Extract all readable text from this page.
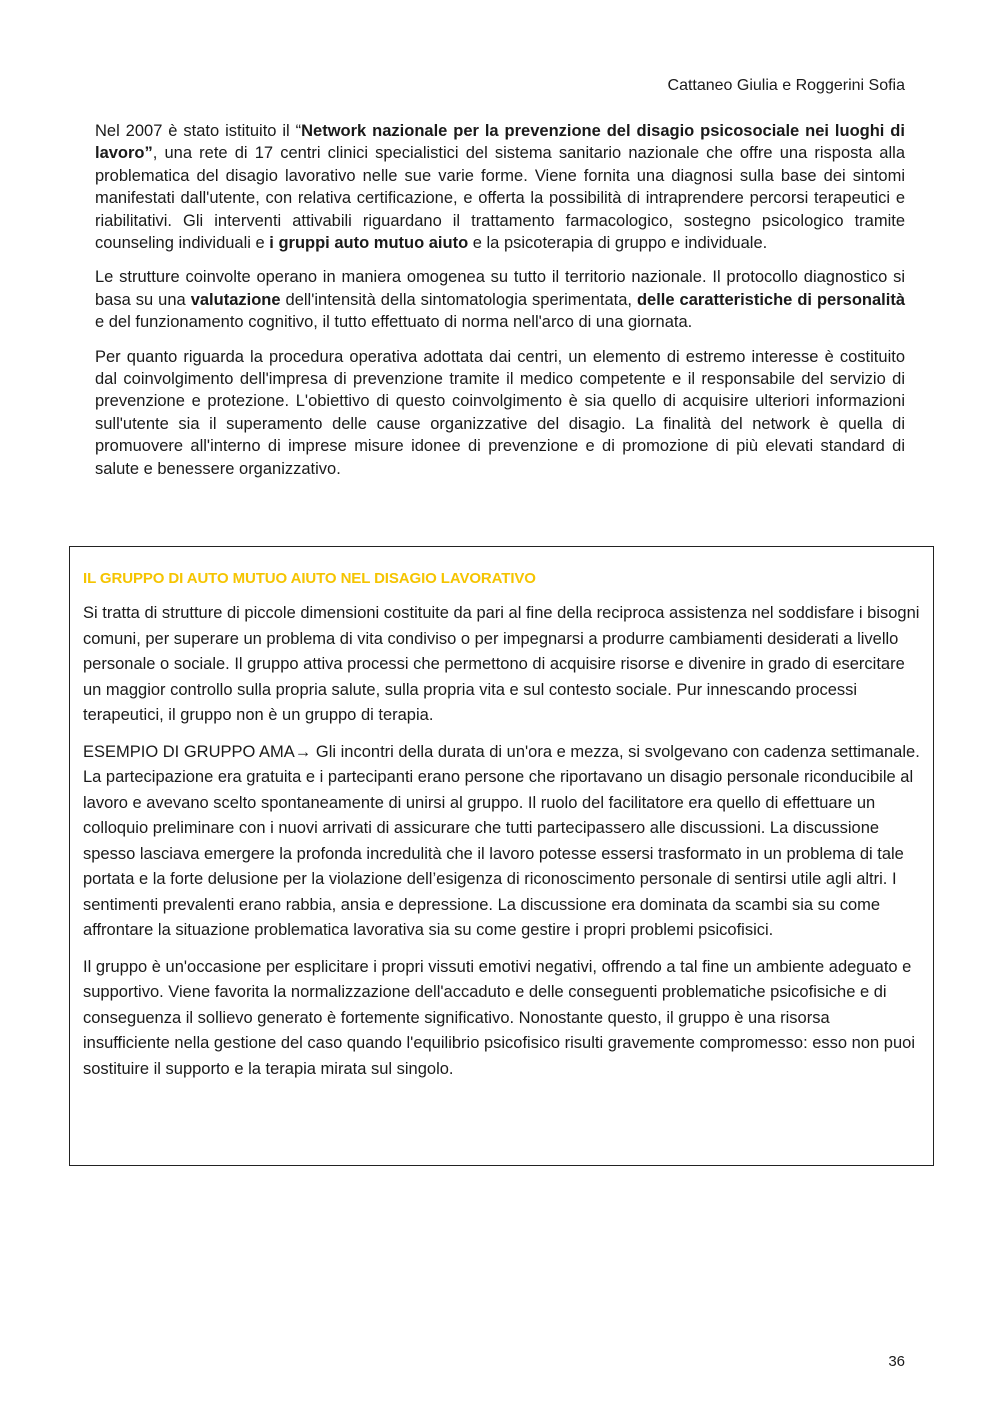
Cattaneo Giulia e Roggerini Sofia

Nel 2007 è stato istituito il “Network nazionale per la prevenzione del disagio psicosociale nei luoghi di lavoro”, una rete di 17 centri clinici specialistici del sistema sanitario nazionale che offre una risposta alla problematica del disagio lavorativo nelle sue varie forme. Viene fornita una diagnosi sulla base dei sintomi manifestati dall'utente, con relativa certificazione, e offerta la possibilità di intraprendere percorsi terapeutici e riabilitativi. Gli interventi attivabili riguardano il trattamento farmacologico, sostegno psicologico tramite counseling individuali e i gruppi auto mutuo aiuto e la psicoterapia di gruppo e individuale.

Le strutture coinvolte operano in maniera omogenea su tutto il territorio nazionale. Il protocollo diagnostico si basa su una valutazione dell'intensità della sintomatologia sperimentata, delle caratteristiche di personalità e del funzionamento cognitivo, il tutto effettuato di norma nell'arco di una giornata.

Per quanto riguarda la procedura operativa adottata dai centri, un elemento di estremo interesse è costituito dal coinvolgimento dell'impresa di prevenzione tramite il medico competente e il responsabile del servizio di prevenzione e protezione. L'obiettivo di questo coinvolgimento è sia quello di acquisire ulteriori informazioni sull'utente sia il superamento delle cause organizzative del disagio. La finalità del network è quella di promuovere all'interno di imprese misure idonee di prevenzione e di promozione di più elevati standard di salute e benessere organizzativo.

IL GRUPPO DI AUTO MUTUO AIUTO NEL DISAGIO LAVORATIVO

Si tratta di strutture di piccole dimensioni costituite da pari al fine della reciproca assistenza nel soddisfare i bisogni comuni, per superare un problema di vita condiviso o per impegnarsi a produrre cambiamenti desiderati a livello personale o sociale. Il gruppo attiva processi che permettono di acquisire risorse e divenire in grado di esercitare un maggior controllo sulla propria salute, sulla propria vita e sul contesto sociale. Pur innescando processi terapeutici, il gruppo non è un gruppo di terapia.

ESEMPIO DI GRUPPO AMA→ Gli incontri della durata di un'ora e mezza, si svolgevano con cadenza settimanale. La partecipazione era gratuita e i partecipanti erano persone che riportavano un disagio personale riconducibile al lavoro e avevano scelto spontaneamente di unirsi al gruppo. Il ruolo del facilitatore era quello di effettuare un colloquio preliminare con i nuovi arrivati di assicurare che tutti partecipassero alle discussioni. La discussione spesso lasciava emergere la profonda incredulità che il lavoro potesse essersi trasformato in un problema di tale portata e la forte delusione per la violazione dell’esigenza di riconoscimento personale di sentirsi utile agli altri. I sentimenti prevalenti erano rabbia, ansia e depressione. La discussione era dominata da scambi sia su come affrontare la situazione problematica lavorativa sia su come gestire i propri problemi psicofisici.

Il gruppo è un'occasione per esplicitare i propri vissuti emotivi negativi, offrendo a tal fine un ambiente adeguato e supportivo. Viene favorita la normalizzazione dell'accaduto e delle conseguenti problematiche psicofisiche e di conseguenza il sollievo generato è fortemente significativo. Nonostante questo, il gruppo è una risorsa insufficiente nella gestione del caso quando l'equilibrio psicofisico risulti gravemente compromesso: esso non puoi sostituire il supporto e la terapia mirata sul singolo.

36
